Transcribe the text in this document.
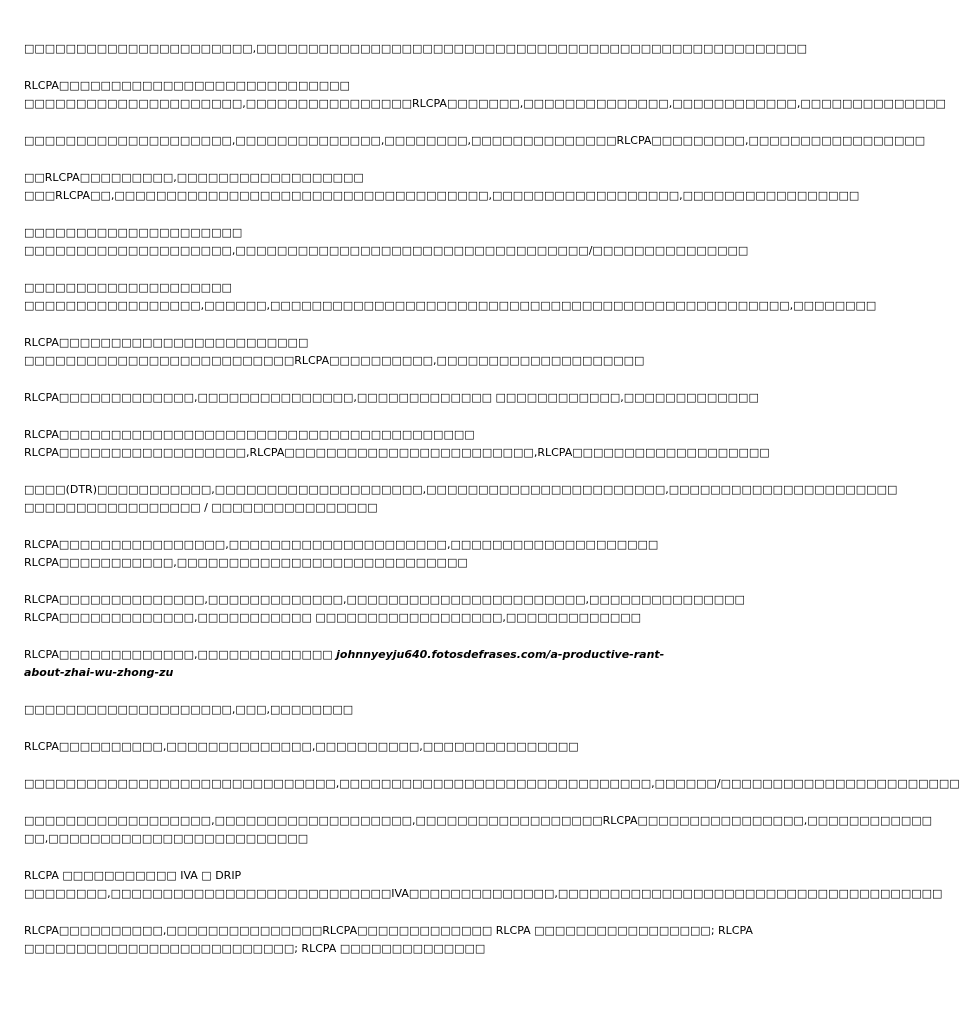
□□□□□□□□□□□□□□□□□□□□□□,□□□□□□□□□□□□□□□□□□□□□□□□□□□□□□□□□□□□□□□□□□□□□□□□□□□□□
RLCPA□□□□□□□□□□□□□□□□□□□□□□□□□□□□
□□□□□□□□□□□□□□□□□□□□□,□□□□□□□□□□□□□□□□RLCPA□□□□□□□,□□□□□□□□□□□□□□,□□□□□□□□□□□□,□□□□□□□□□□□□□□
□□□□□□□□□□□□□□□□□□□□,□□□□□□□□□□□□□□,□□□□□□□□,□□□□□□□□□□□□□□RLCPA□□□□□□□□□,□□□□□□□□□□□□□□□□□
□□RLCPA□□□□□□□□□,□□□□□□□□□□□□□□□□□□
□□□RLCPA□□,□□□□□□□□□□□□□□□□□□□□□□□□□□□□□□□□□□□□,□□□□□□□□□□□□□□□□□□,□□□□□□□□□□□□□□□□□
□□□□□□□□□□□□□□□□□□□□□
□□□□□□□□□□□□□□□□□□□□,□□□□□□□□□□□□□□□□□□□□□□□□□□□□□□□□□□/□□□□□□□□□□□□□□□
□□□□□□□□□□□□□□□□□□□□
□□□□□□□□□□□□□□□□□,□□□□□□,□□□□□□□□□□□□□□□□□□□□□□□□□□□□□□□□□□□□□□□□□□□□□□□□□□,□□□□□□□□
RLCPA□□□□□□□□□□□□□□□□□□□□□□□□
□□□□□□□□□□□□□□□□□□□□□□□□□□RLCPA□□□□□□□□□□,□□□□□□□□□□□□□□□□□□□□
RLCPA□□□□□□□□□□□□□,□□□□□□□□□□□□□□□,□□□□□□□□□□□□□ □□□□□□□□□□□□,□□□□□□□□□□□□□
RLCPA□□□□□□□□□□□□□□□□□□□□□□□□□□□□□□□□□□□□□□□□
RLCPA□□□□□□□□□□□□□□□□□□,RLCPA□□□□□□□□□□□□□□□□□□□□□□□□,RLCPA□□□□□□□□□□□□□□□□□□□
□□□□(DTR)□□□□□□□□□□□,□□□□□□□□□□□□□□□□□□□□,□□□□□□□□□□□□□□□□□□□□□□□,□□□□□□□□□□□□□□□□□□□□□□
□□□□□□□□□□□□□□□□□ / □□□□□□□□□□□□□□□□
RLCPA□□□□□□□□□□□□□□□□,□□□□□□□□□□□□□□□□□□□□□,□□□□□□□□□□□□□□□□□□□□
RLCPA□□□□□□□□□□□,□□□□□□□□□□□□□□□□□□□□□□□□□□□□
RLCPA□□□□□□□□□□□□□□,□□□□□□□□□□□□□,□□□□□□□□□□□□□□□□□□□□□□□,□□□□□□□□□□□□□□□
RLCPA□□□□□□□□□□□□□,□□□□□□□□□□□ □□□□□□□□□□□□□□□□□□,□□□□□□□□□□□□□
RLCPA□□□□□□□□□□□□□,□□□□□□□□□□□□□ johnnyeyju640.fotosdefrases.com/a-productive-rant-about-zhai-wu-zhong-zu
□□□□□□□□□□□□□□□□□□□□,□□□,□□□□□□□□
RLCPA□□□□□□□□□□,□□□□□□□□□□□□□□,□□□□□□□□□□,□□□□□□□□□□□□□□□
□□□□□□□□□□□□□□□□□□□□□□□□□□□□□□,□□□□□□□□□□□□□□□□□□□□□□□□□□□□□□,□□□□□□/□□□□□□□□□□□□□□□□□□□□□□□
□□□□□□□□□□□□□□□□□□,□□□□□□□□□□□□□□□□□□□,□□□□□□□□□□□□□□□□□□RLCPA□□□□□□□□□□□□□□□□,□□□□□□□□□□□□
□□,□□□□□□□□□□□□□□□□□□□□□□□□□
RLCPA □□□□□□□□□□□ IVA □ DRIP
□□□□□□□□,□□□□□□□□□□□□□□□□□□□□□□□□□□□IVA□□□□□□□□□□□□□□,□□□□□□□□□□□□□□□□□□□□□□□□□□□□□□□□□□□□□
RLCPA□□□□□□□□□□,□□□□□□□□□□□□□□□RLCPA□□□□□□□□□□□□□ RLCPA □□□□□□□□□□□□□□□□□; RLCPA
□□□□□□□□□□□□□□□□□□□□□□□□□□; RLCPA □□□□□□□□□□□□□□
